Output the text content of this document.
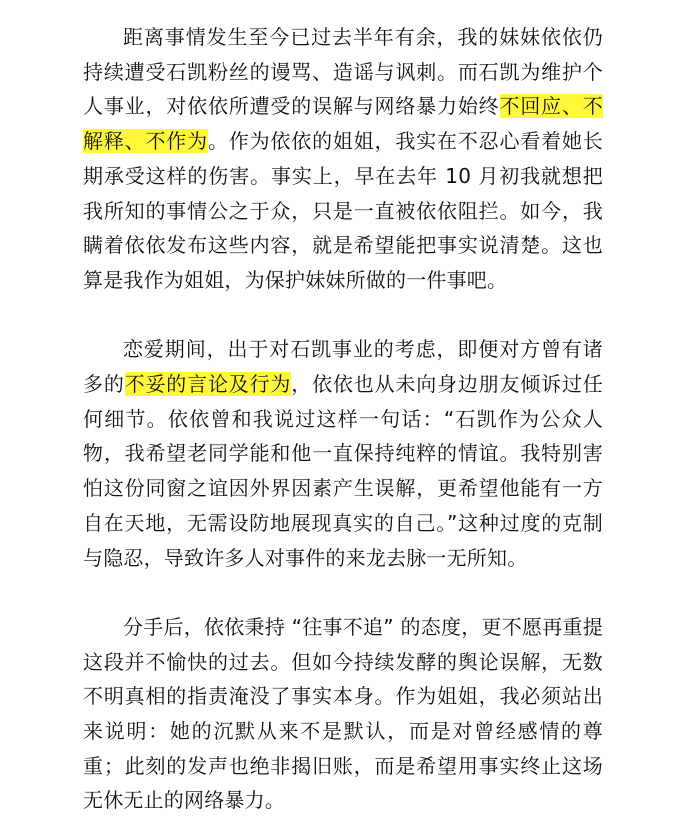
距离事情发生至今已过去半年有余，我的妹妹依依仍持续遭受石凯粉丝的谩骂、造谣与讽刺。而石凯为维护个人事业，对依依所遭受的误解与网络暴力始终不回应、不解释、不作为。作为依依的姐姐，我实在不忍心看着她长期承受这样的伤害。事实上，早在去年 10 月初我就想把我所知的事情公之于众，只是一直被依依阻拦。如今，我瞒着依依发布这些内容，就是希望能把事实说清楚。这也算是我作为姐姐，为保护妹妹所做的一件事吧。

恋爱期间，出于对石凯事业的考虑，即便对方曾有诸多的不妥的言论及行为，依依也从未向身边朋友倾诉过任何细节。依依曾和我说过这样一句话：“石凯作为公众人物，我希望老同学能和他一直保持纯粹的情谊。我特别害怕这份同窗之谊因外界因素产生误解，更希望他能有一方自在天地，无需设防地展现真实的自己。”这种过度的克制与隐忍，导致许多人对事件的来龙去脉一无所知。

分手后，依依秉持 “往事不追” 的态度，更不愿再重提这段并不愉快的过去。但如今持续发酵的舆论误解，无数不明真相的指责淹没了事实本身。作为姐姐，我必须站出来说明：她的沉默从来不是默认，而是对曾经感情的尊重；此刻的发声也绝非揭旧账，而是希望用事实终止这场无休无止的网络暴力。
